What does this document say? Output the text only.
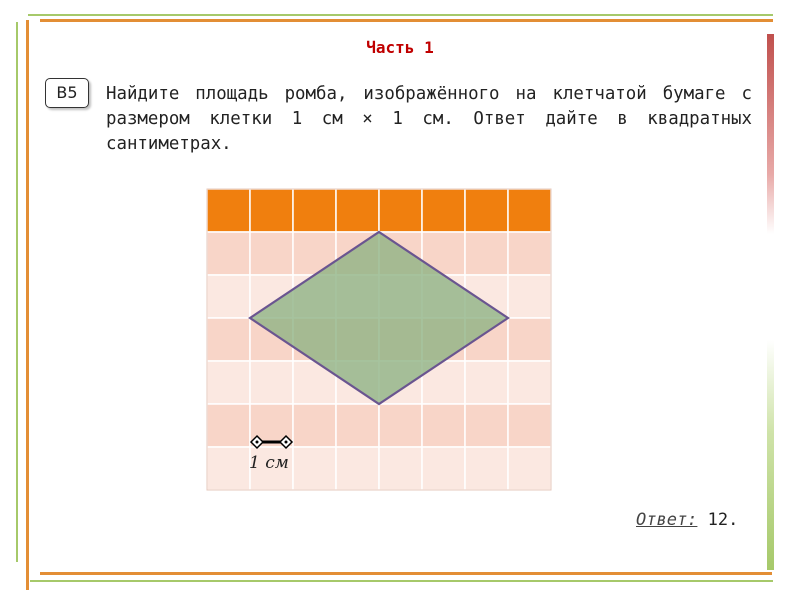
Часть 1
B5	Найдите площадь ромба, изображённого на клетчатой бумаге с размером клетки 1 см × 1 см. Ответ дайте в квадратных сантиметрах.
1 см
Ответ: 12.
